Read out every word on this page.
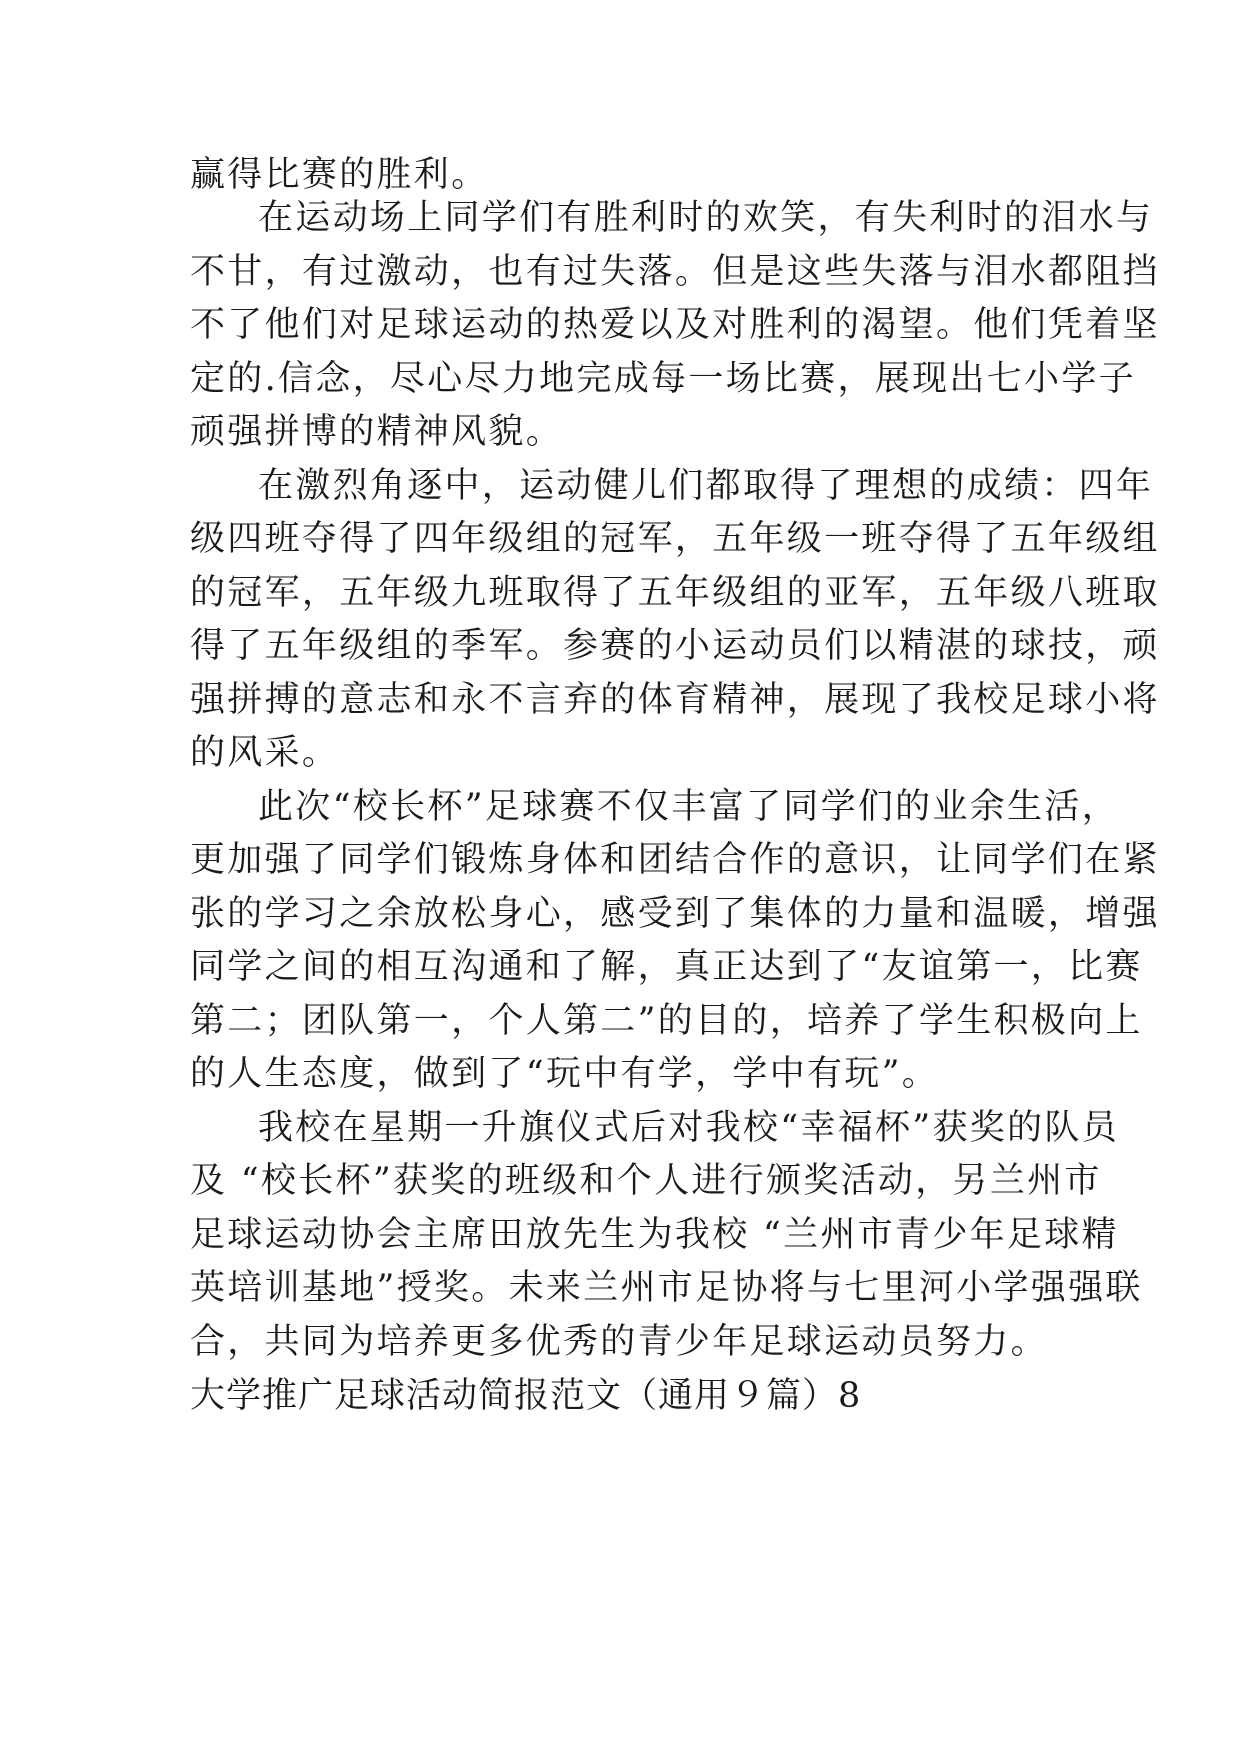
赢得比赛的胜利。
在运动场上同学们有胜利时的欢笑，有失利时的泪水与
不甘，有过激动，也有过失落。但是这些失落与泪水都阻挡
不了他们对足球运动的热爱以及对胜利的渴望。他们凭着坚
定的.信念，尽心尽力地完成每一场比赛，展现出七小学子
顽强拼博的精神风貌。
在激烈角逐中，运动健儿们都取得了理想的成绩：四年
级四班夺得了四年级组的冠军，五年级一班夺得了五年级组
的冠军，五年级九班取得了五年级组的亚军，五年级八班取
得了五年级组的季军。参赛的小运动员们以精湛的球技，顽
强拼搏的意志和永不言弃的体育精神，展现了我校足球小将
的风采。
此次“校长杯”足球赛不仅丰富了同学们的业余生活，
更加强了同学们锻炼身体和团结合作的意识，让同学们在紧
张的学习之余放松身心，感受到了集体的力量和温暖，增强
同学之间的相互沟通和了解，真正达到了“友谊第一，比赛
第二；团队第一，个人第二”的目的，培养了学生积极向上
的人生态度，做到了“玩中有学，学中有玩”。
我校在星期一升旗仪式后对我校“幸福杯”获奖的队员
及 “校长杯”获奖的班级和个人进行颁奖活动，另兰州市
足球运动协会主席田放先生为我校 “兰州市青少年足球精
英培训基地”授奖。未来兰州市足协将与七里河小学强强联
合，共同为培养更多优秀的青少年足球运动员努力。
大学推广足球活动简报范文（通用９篇）8
